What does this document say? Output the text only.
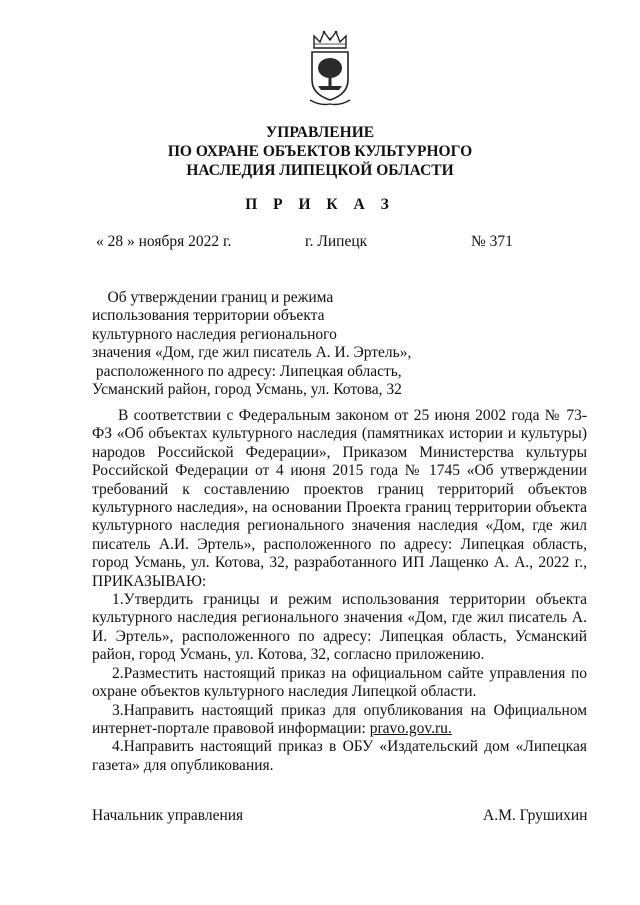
УПРАВЛЕНИЕ
ПО ОХРАНЕ ОБЪЕКТОВ КУЛЬТУРНОГО
НАСЛЕДИЯ ЛИПЕЦКОЙ ОБЛАСТИ
П Р И К А З
« 28 » ноября 2022 г.	г. Липецк	№ 371
Об утверждении границ и режима
использования территории объекта
культурного наследия регионального
значения «Дом, где жил писатель А. И. Эртель»,
расположенного по адресу: Липецкая область,
Усманский район, город Усмань, ул. Котова, 32

В соответствии с Федеральным законом от 25 июня 2002 года № 73-ФЗ «Об объектах культурного наследия (памятниках истории и культуры) народов Российской Федерации», Приказом Министерства культуры Российской Федерации от 4 июня 2015 года № 1745 «Об утверждении требований к составлению проектов границ территорий объектов культурного наследия», на основании Проекта границ территории объекта культурного наследия регионального значения наследия «Дом, где жил писатель А.И. Эртель», расположенного по адресу: Липецкая область, город Усмань, ул. Котова, 32, разработанного ИП Лащенко А. А., 2022 г., ПРИКАЗЫВАЮ:

1.Утвердить границы и режим использования территории объекта культурного наследия регионального значения «Дом, где жил писатель А. И. Эртель», расположенного по адресу: Липецкая область, Усманский район, город Усмань, ул. Котова, 32, согласно приложению.

2.Разместить настоящий приказ на официальном сайте управления по охране объектов культурного наследия Липецкой области.

3.Направить настоящий приказ для опубликования на Официальном интернет-портале правовой информации: pravo.gov.ru.

4.Направить настоящий приказ в ОБУ «Издательский дом «Липецкая газета» для опубликования.

Начальник управления	А.М. Грушихин
